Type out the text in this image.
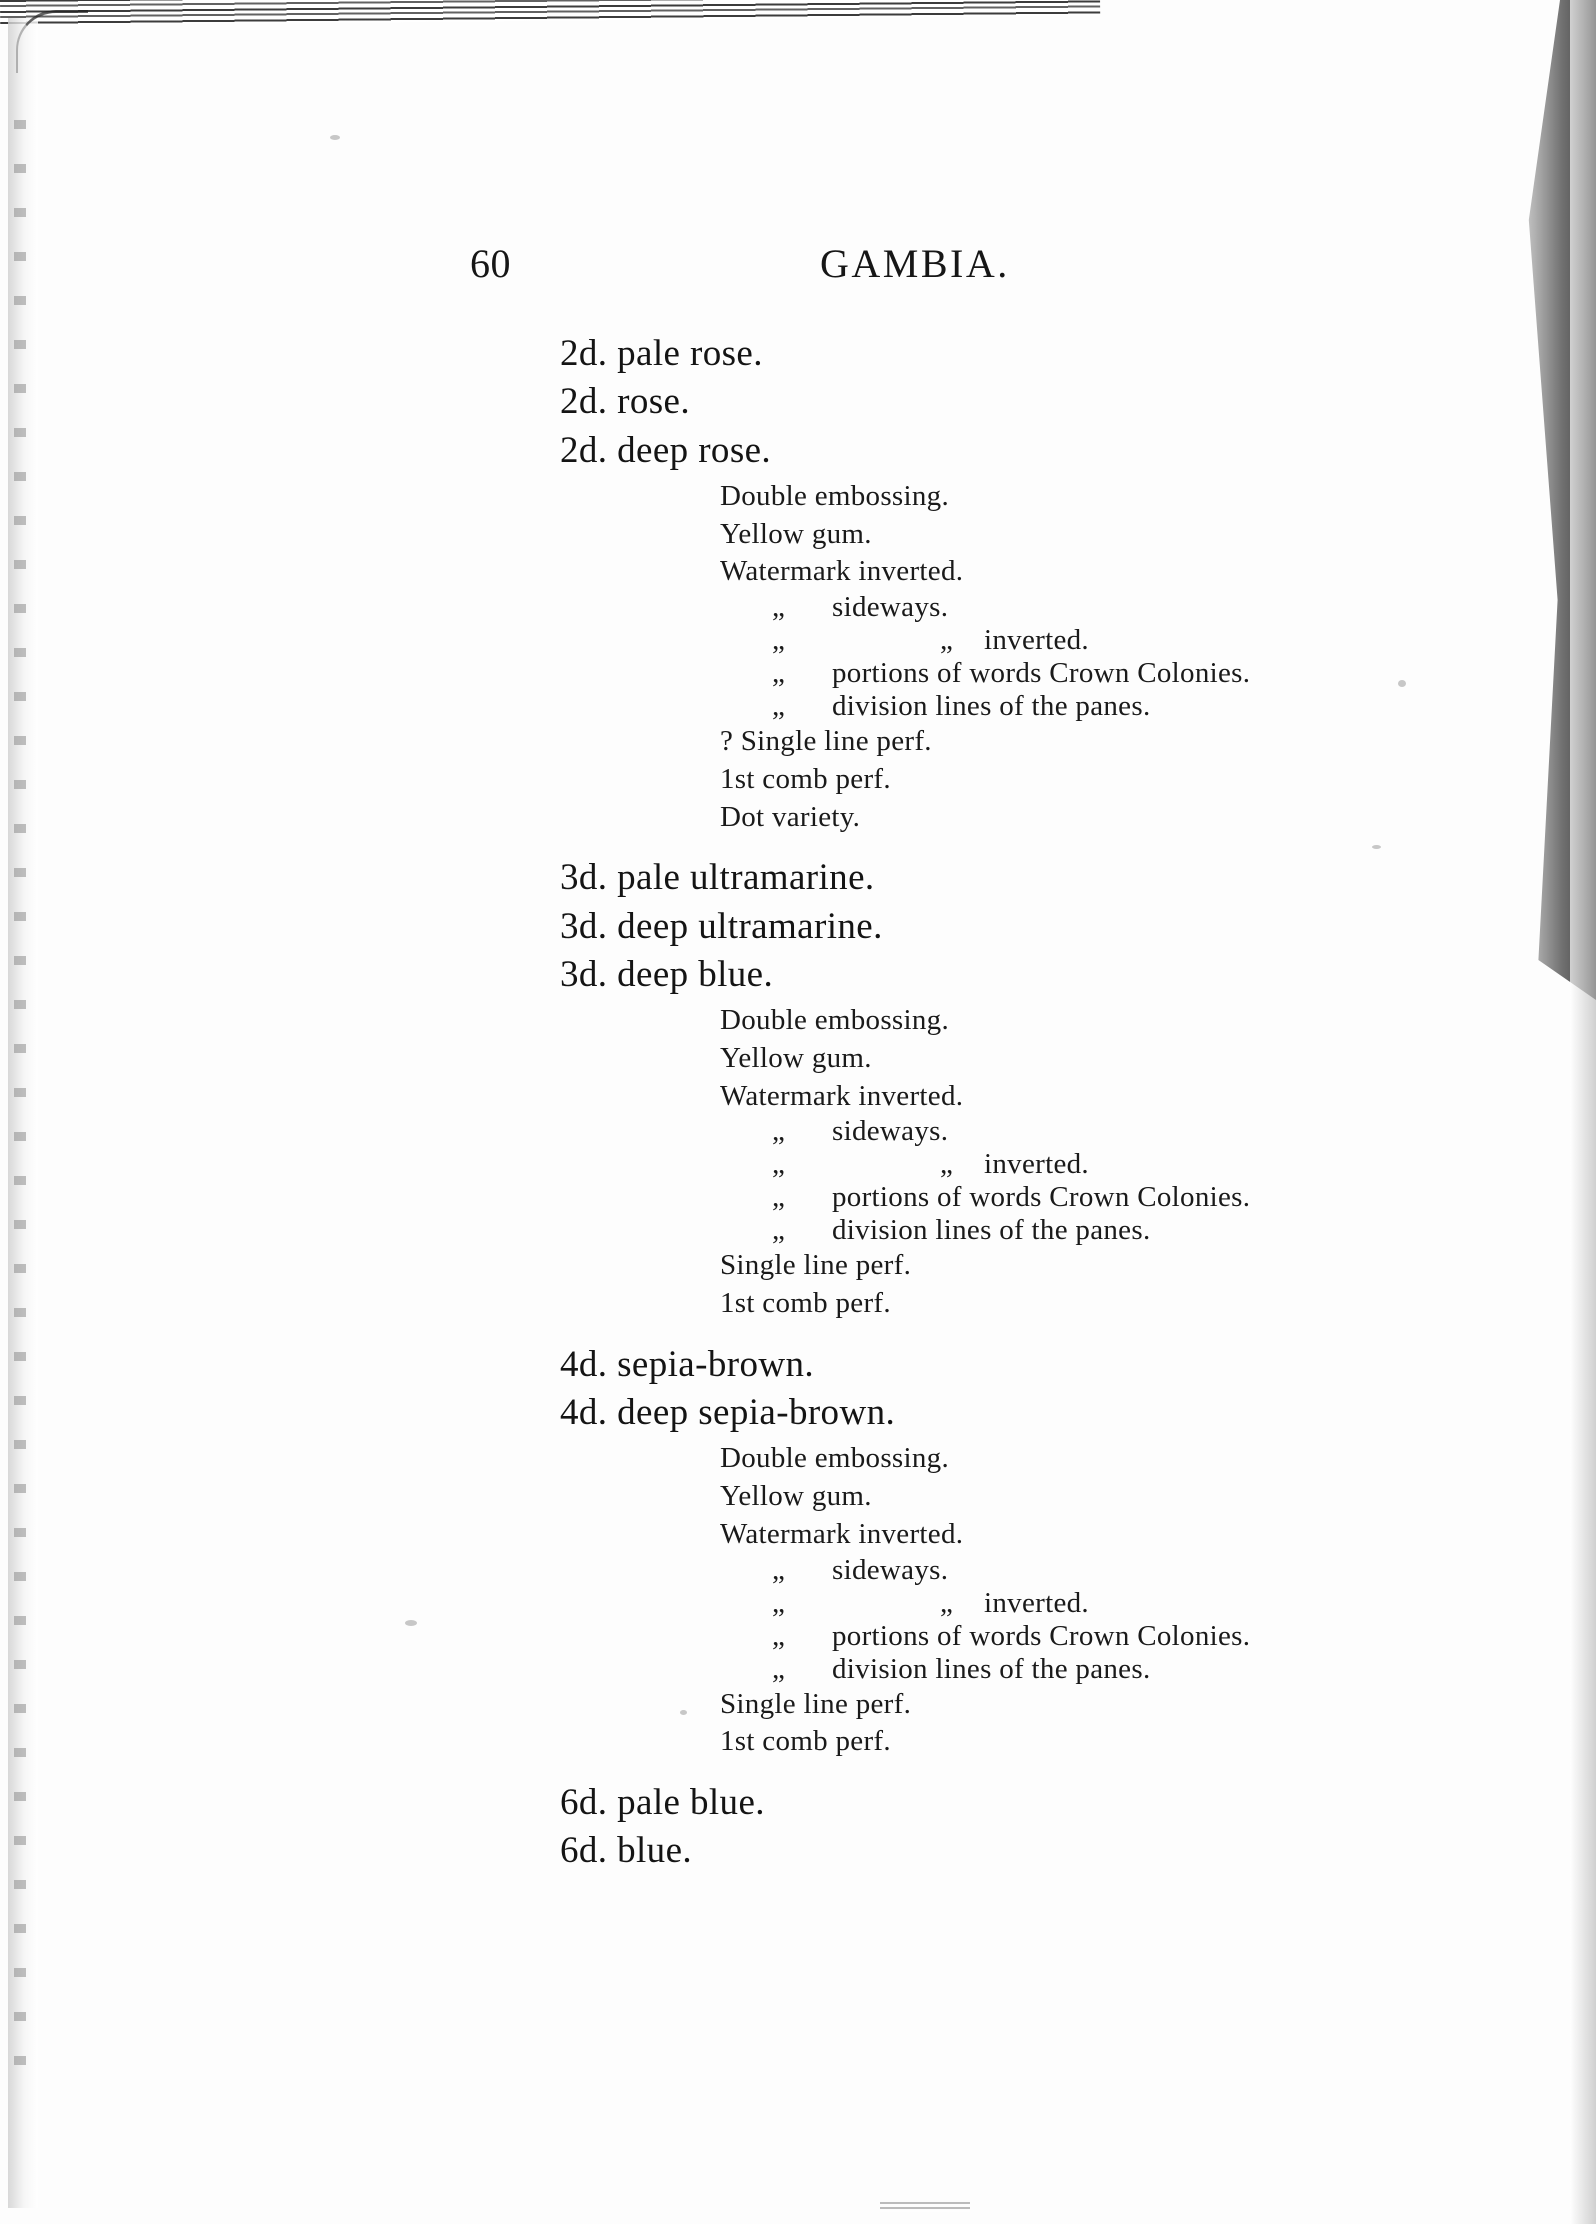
60	GAMBIA.

2d. pale rose.

2d. rose.

2d. deep rose.

Double embossing.
Yellow gum.
Watermark inverted.
„	sideways.
„	„	inverted.
„	portions of words Crown Colonies.
„	division lines of the panes.
? Single line perf.
1st comb perf.
Dot variety.

3d. pale ultramarine.

3d. deep ultramarine.

3d. deep blue.

Double embossing.
Yellow gum.
Watermark inverted.
„	sideways.
„	„	inverted.
„	portions of words Crown Colonies.
„	division lines of the panes.
Single line perf.
1st comb perf.

4d. sepia-brown.

4d. deep sepia-brown.

Double embossing.
Yellow gum.
Watermark inverted.
„	sideways.
„	„	inverted.
„	portions of words Crown Colonies.
„	division lines of the panes.
Single line perf.
1st comb perf.

6d. pale blue.

6d. blue.
